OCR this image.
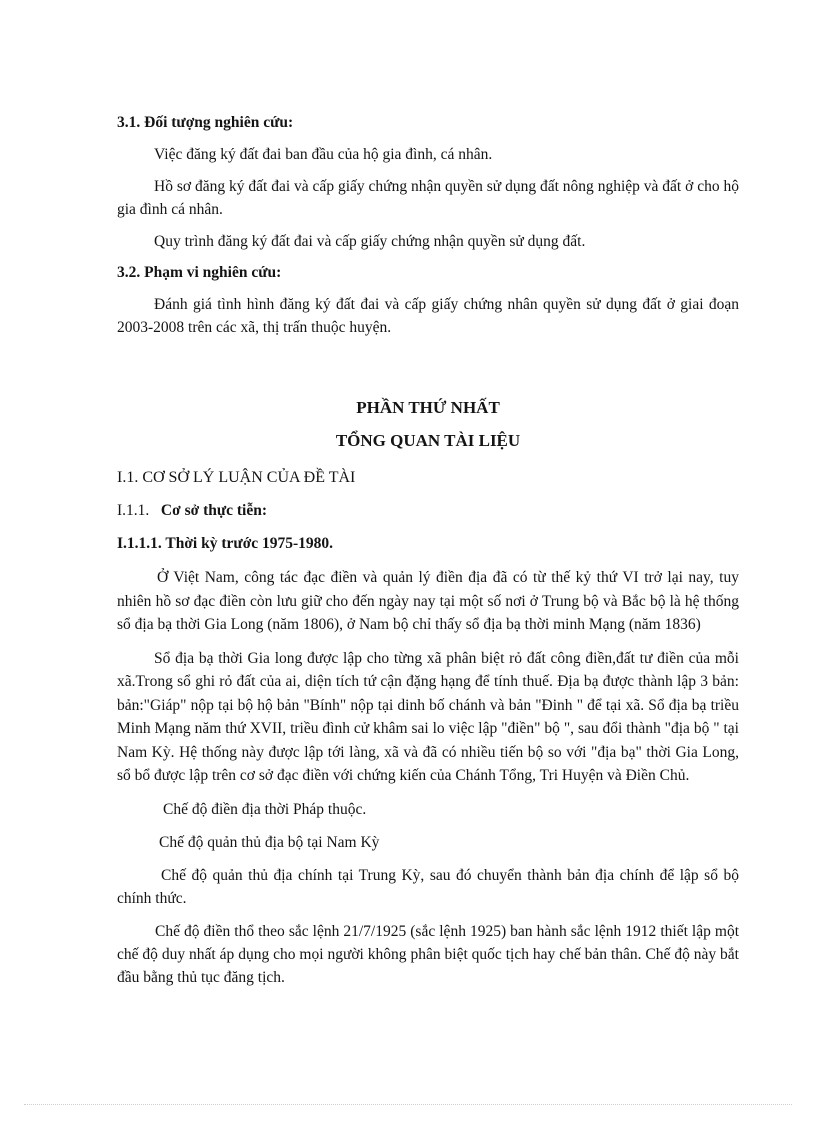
3.1. Đối tượng nghiên cứu:

Việc đăng ký đất đai ban đầu của hộ gia đình, cá nhân.

Hồ sơ đăng ký đất đai và cấp giấy chứng nhận quyền sử dụng đất nông nghiệp và đất ở cho hộ gia đình cá nhân.

Quy trình đăng ký đất đai và cấp giấy chứng nhận quyền sử dụng đất.

3.2. Phạm vi nghiên cứu:

Đánh giá tình hình đăng ký đất đai và cấp giấy chứng nhân quyền sử dụng đất ở giai đoạn 2003-2008 trên các xã, thị trấn thuộc huyện.

PHẦN THỨ NHẤT
TỔNG QUAN TÀI LIỆU
I.1. CƠ SỞ LÝ LUẬN CỦA ĐỀ TÀI
I.1.1. Cơ sở thực tiễn:
I.1.1.1. Thời kỳ trước 1975-1980.

Ở Việt Nam, công tác đạc điền và quản lý điền địa đã có từ thế kỷ thứ VI trở lại nay, tuy nhiên hồ sơ đạc điền còn lưu giữ cho đến ngày nay tại một số nơi ở Trung bộ và Bắc bộ là hệ thống sổ địa bạ thời Gia Long (năm 1806), ở Nam bộ chỉ thấy sổ địa bạ thời minh Mạng (năm 1836)

Sổ địa bạ thời Gia long được lập cho từng xã phân biệt rỏ đất công điền,đất tư điền của mỗi xã.Trong sổ ghi rỏ đất của ai, diện tích tứ cận đặng hạng để tính thuế. Địa bạ được thành lập 3 bản: bản:"Giáp" nộp tại bộ hộ bản "Bính" nộp tại dinh bố chánh và bản "Đinh " để tại xã. Sổ địa bạ triều Minh Mạng năm thứ XVII, triều đình cử khâm sai lo việc lập "điền" bộ ", sau đổi thành "địa bộ " tại Nam Kỳ. Hệ thống này được lập tới làng, xã và đã có nhiều tiến bộ so với "địa bạ" thời Gia Long, sổ bổ được lập trên cơ sở đạc điền với chứng kiến của Chánh Tổng, Tri Huyện và Điền Chủ.

Chế độ điền địa thời Pháp thuộc.

Chế độ quản thủ địa bộ tại Nam Kỳ

Chế độ quản thủ địa chính tại Trung Kỳ, sau đó chuyển thành bản địa chính để lập sổ bộ chính thức.

Chế độ điền thổ theo sắc lệnh 21/7/1925 (sắc lệnh 1925) ban hành sắc lệnh 1912 thiết lập một chế độ duy nhất áp dụng cho mọi người không phân biệt quốc tịch hay chế bản thân. Chế độ này bắt đầu bằng thủ tục đăng tịch.
